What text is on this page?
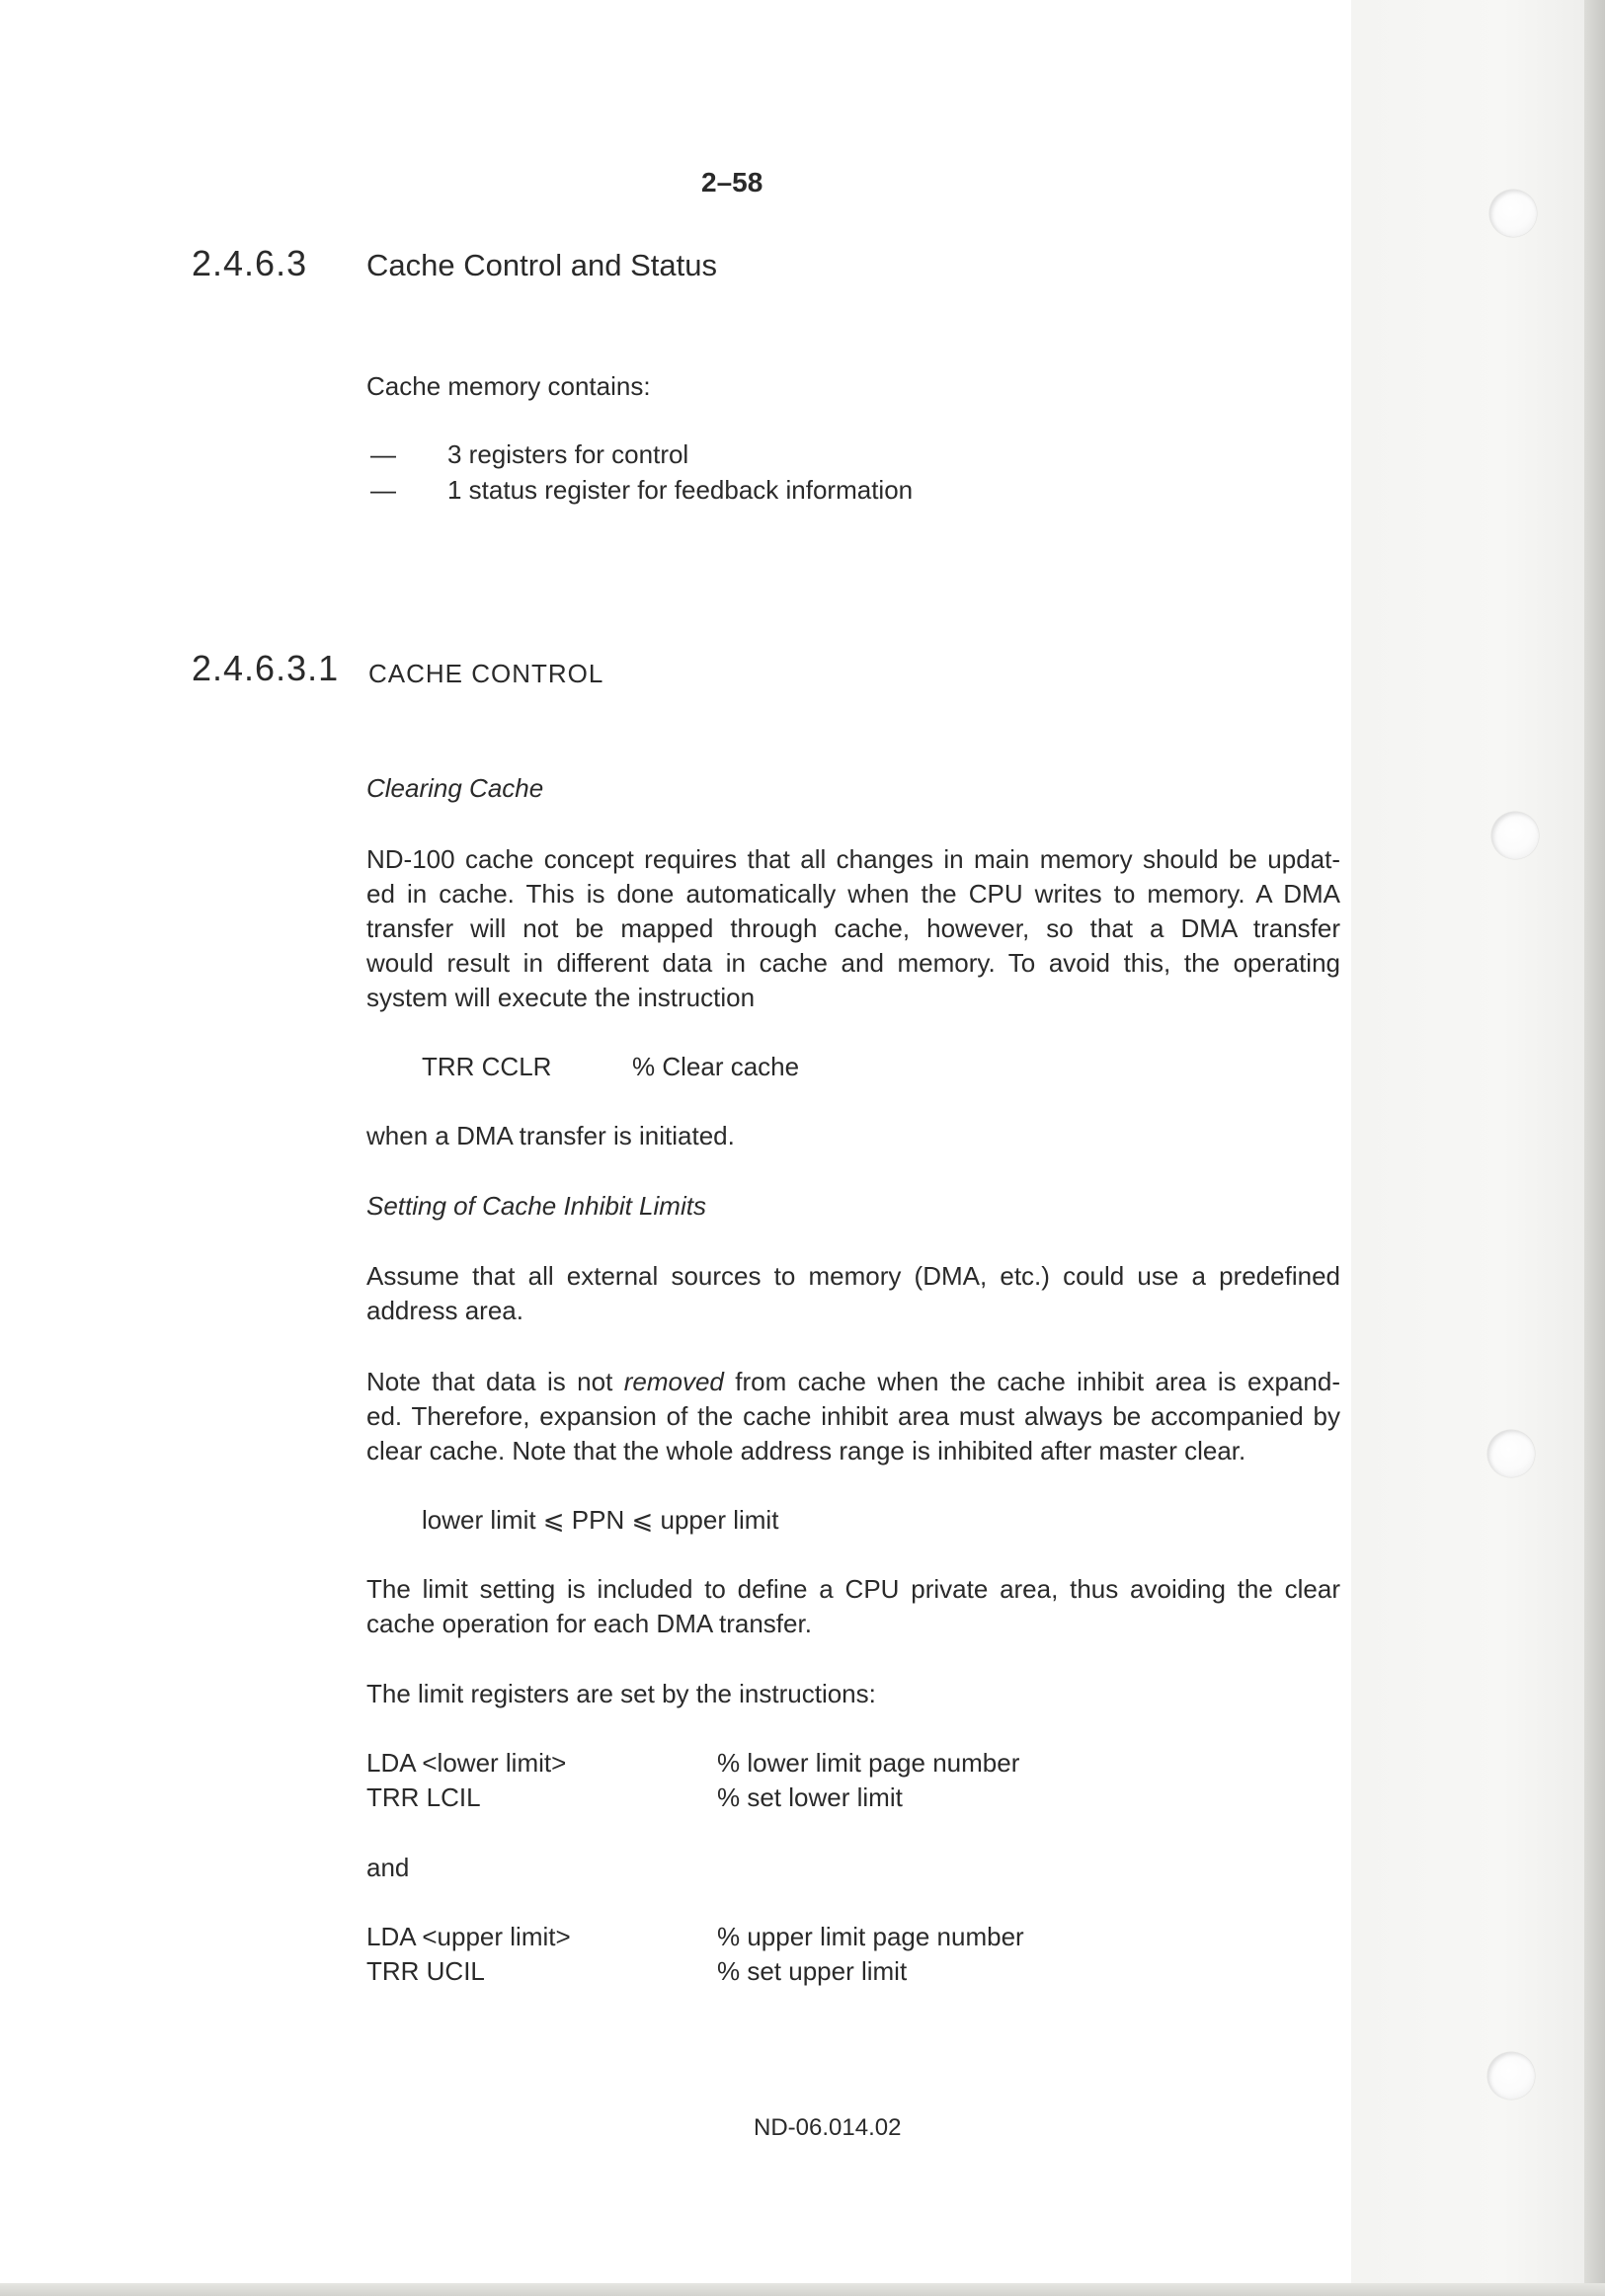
2–58
2.4.6.3 Cache Control and Status
Cache memory contains:
— 3 registers for control
— 1 status register for feedback information
2.4.6.3.1 CACHE CONTROL
Clearing Cache
ND-100 cache concept requires that all changes in main memory should be updat-
ed in cache. This is done automatically when the CPU writes to memory. A DMA
transfer will not be mapped through cache, however, so that a DMA transfer
would result in different data in cache and memory. To avoid this, the operating
system will execute the instruction
TRR CCLR	% Clear cache
when a DMA transfer is initiated.
Setting of Cache Inhibit Limits
Assume that all external sources to memory (DMA, etc.) could use a predefined
address area.
Note that data is not removed from cache when the cache inhibit area is expand-
ed. Therefore, expansion of the cache inhibit area must always be accompanied by
clear cache. Note that the whole address range is inhibited after master clear.
lower limit ⩽ PPN ⩽ upper limit
The limit setting is included to define a CPU private area, thus avoiding the clear
cache operation for each DMA transfer.
The limit registers are set by the instructions:
LDA <lower limit>	% lower limit page number
TRR LCIL	% set lower limit
and
LDA <upper limit>	% upper limit page number
TRR UCIL	% set upper limit
ND-06.014.02
